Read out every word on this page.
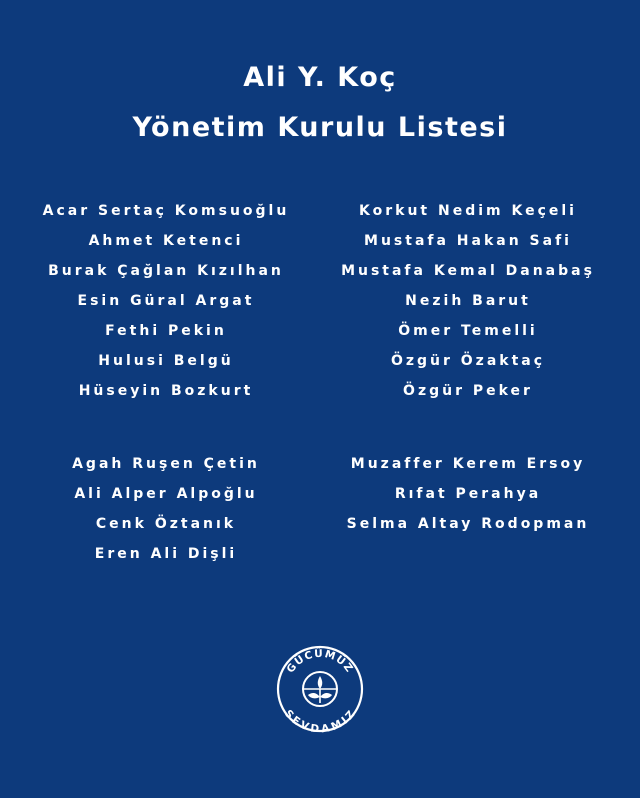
Ali Y. Koç
Yönetim Kurulu Listesi
Acar Sertaç Komsuoğlu
Ahmet Ketenci
Burak Çağlan Kızılhan
Esin Güral Argat
Fethi Pekin
Hulusi Belgü
Hüseyin Bozkurt
Korkut Nedim Keçeli
Mustafa Hakan Safi
Mustafa Kemal Danabaş
Nezih Barut
Ömer Temelli
Özgür Özaktaç
Özgür Peker
Agah Ruşen Çetin
Ali Alper Alpoğlu
Cenk Öztanık
Eren Ali Dişli
Muzaffer Kerem Ersoy
Rıfat Perahya
Selma Altay Rodopman
GÜCÜMÜZ
SEVDAMIZ
